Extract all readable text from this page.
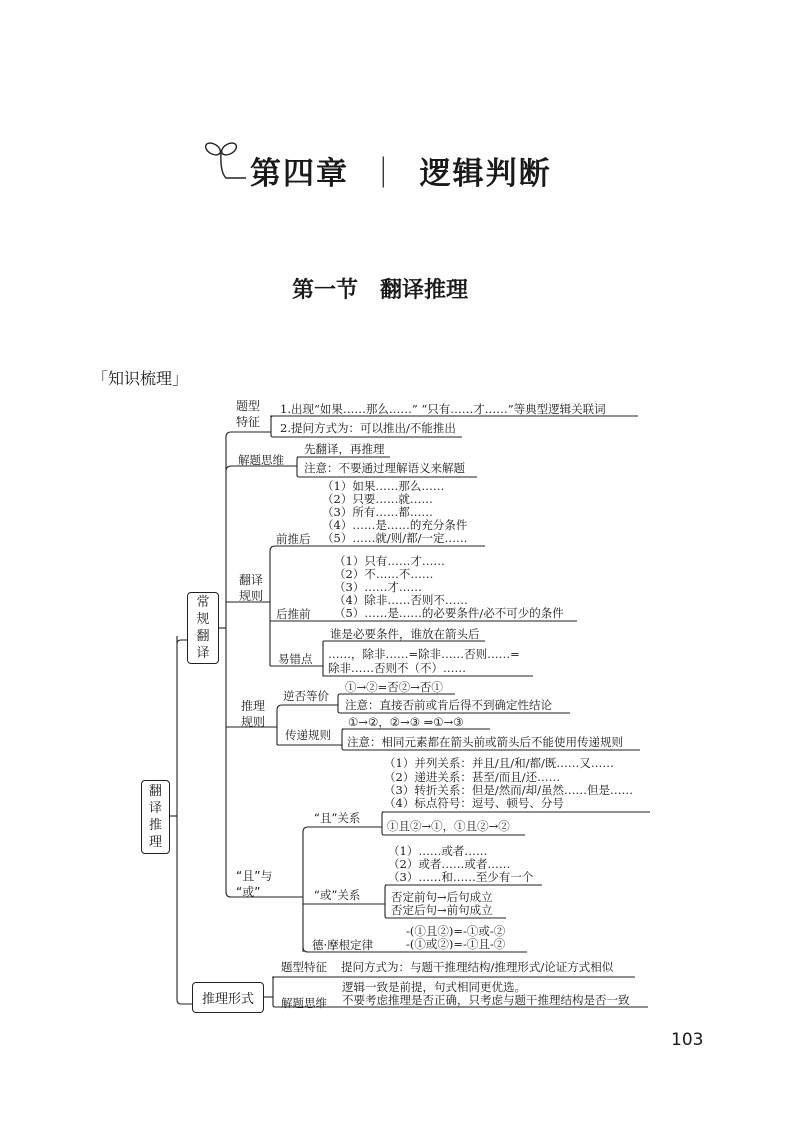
第四章 ｜ 逻辑判断
第一节 翻译推理
「知识梳理」
翻
译
推
理
常
规
翻
译
推理形式
题型
特征
1.出现“如果……那么……” “只有……才……”等典型逻辑关联词
2.提问方式为：可以推出/不能推出
解题思维
先翻译，再推理
注意：不要通过理解语义来解题
翻译
规则
前推后
（1）如果……那么……
（2）只要……就……
（3）所有……都……
（4）……是……的充分条件
（5）……就/则/都/一定……
后推前
（1）只有……才……
（2）不……不……
（3）……才……
（4）除非……否则不……
（5）……是……的必要条件/必不可少的条件
易错点
谁是必要条件，谁放在箭头后
……，除非……=除非……否则……=
除非……否则不（不）……
推理
规则
逆否等价
①→②=否②→否①
注意：直接否前或肯后得不到确定性结论
传递规则
①→②，②→③ ⇒①→③
注意：相同元素都在箭头前或箭头后不能使用传递规则
“且”与
“或”
“且”关系
（1）并列关系：并且/且/和/都/既……又……
（2）递进关系：甚至/而且/还……
（3）转折关系：但是/然而/却/虽然……但是……
（4）标点符号：逗号、顿号、分号
①且②→①，①且②→②
“或”关系
（1）……或者……
（2）或者……或者……
（3）……和……至少有一个
否定前句→后句成立
否定后句→前句成立
德·摩根定律
-(①且②)=-①或-②
-(①或②)=-①且-②
题型特征 提问方式为：与题干推理结构/推理形式/论证方式相似
解题思维
逻辑一致是前提，句式相同更优选。
不要考虑推理是否正确，只考虑与题干推理结构是否一致
103
